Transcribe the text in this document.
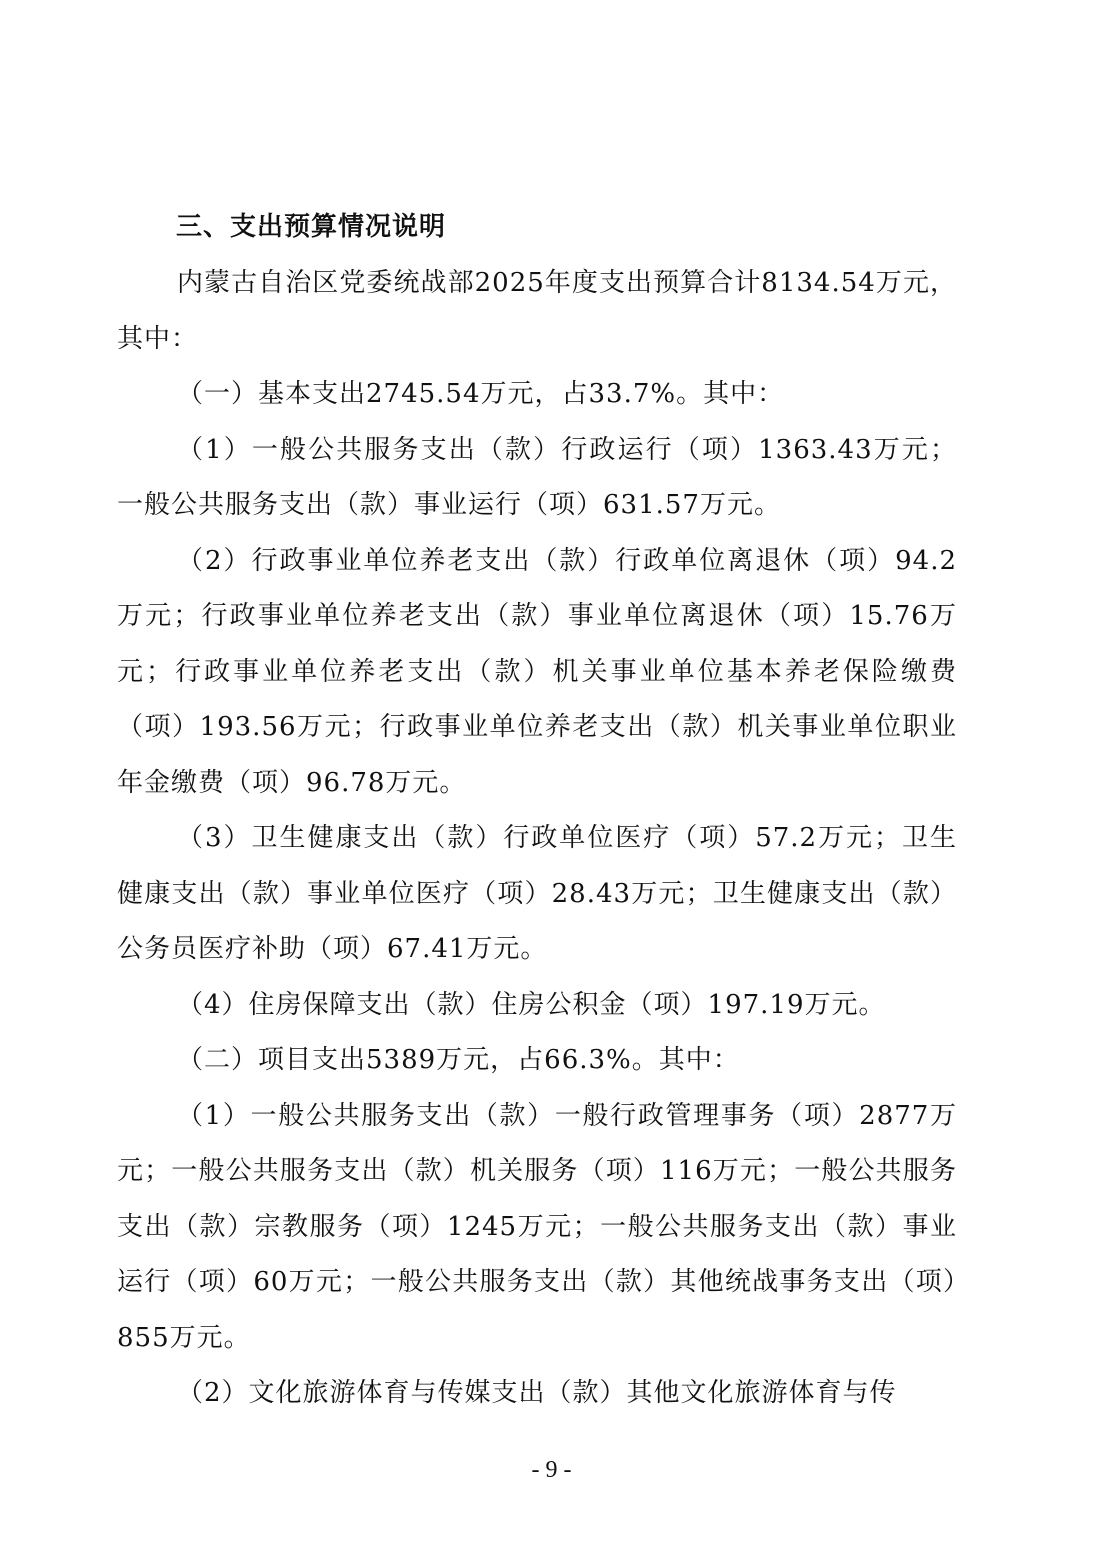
三、支出预算情况说明

内蒙古自治区党委统战部2025年度支出预算合计8134.54万元，其中：

（一）基本支出2745.54万元，占33.7%。其中：

（1）一般公共服务支出（款）行政运行（项）1363.43万元；一般公共服务支出（款）事业运行（项）631.57万元。

（2）行政事业单位养老支出（款）行政单位离退休（项）94.2万元；行政事业单位养老支出（款）事业单位离退休（项）15.76万元；行政事业单位养老支出（款）机关事业单位基本养老保险缴费（项）193.56万元；行政事业单位养老支出（款）机关事业单位职业年金缴费（项）96.78万元。

（3）卫生健康支出（款）行政单位医疗（项）57.2万元；卫生健康支出（款）事业单位医疗（项）28.43万元；卫生健康支出（款）公务员医疗补助（项）67.41万元。

（4）住房保障支出（款）住房公积金（项）197.19万元。

（二）项目支出5389万元，占66.3%。其中：

（1）一般公共服务支出（款）一般行政管理事务（项）2877万元；一般公共服务支出（款）机关服务（项）116万元；一般公共服务支出（款）宗教服务（项）1245万元；一般公共服务支出（款）事业运行（项）60万元；一般公共服务支出（款）其他统战事务支出（项）855万元。

（2）文化旅游体育与传媒支出（款）其他文化旅游体育与传

- 9 -
